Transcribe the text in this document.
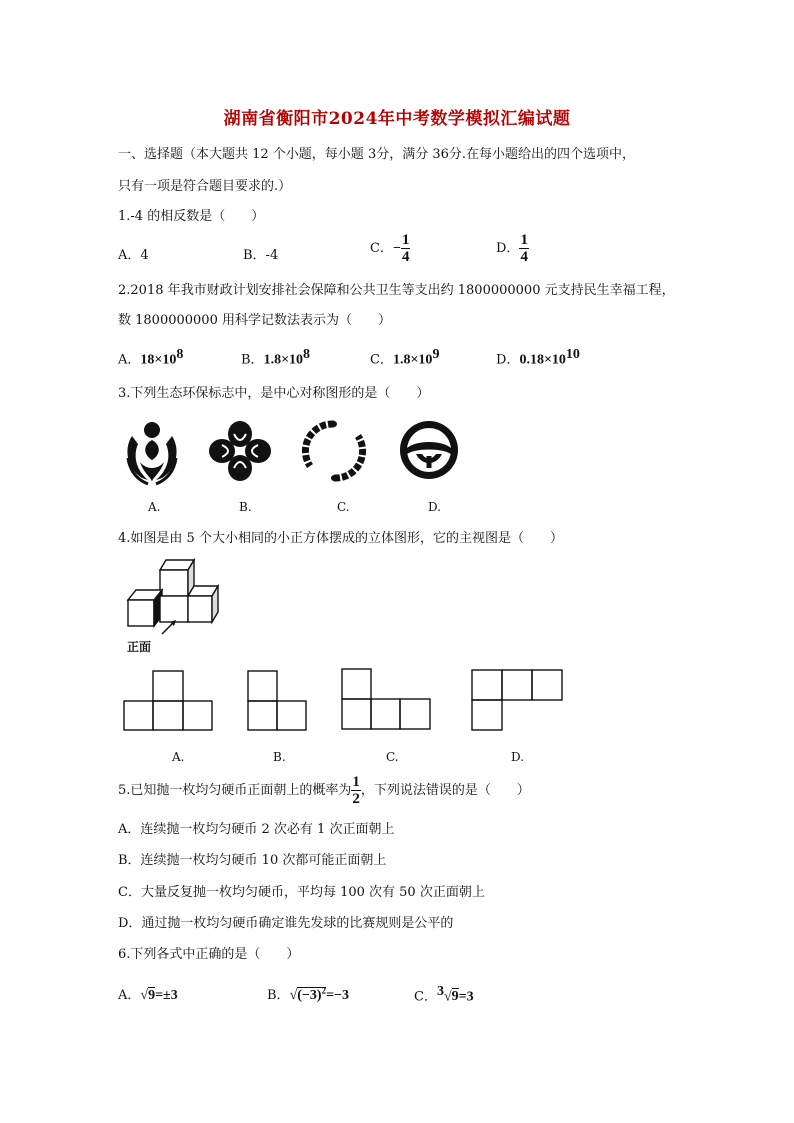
湖南省衡阳市2024年中考数学模拟汇编试题
一、选择题（本大题共 12 个小题，每小题 3分，满分 36分.在每小题给出的四个选项中，
只有一项是符合题目要求的.）
1.-4 的相反数是（　　）
A．4	B．-4	C．− $\frac{1}{4}$	D． $\frac{1}{4}$
2.2018 年我市财政计划安排社会保障和公共卫生等支出约 1800000000 元支持民生幸福工程，
数 1800000000 用科学记数法表示为（　　）
A．$18\times 10^8$	B．$1.8\times 10^8$	C．$1.8\times 10^9$	D．$0.18\times 10^{10}$
3.下列生态环保标志中，是中心对称图形的是（　　）
A.	B.	C.	D.
4.如图是由 5 个大小相同的小正方体摆成的立体图形，它的主视图是（　　）
正面
A.	B.	C.	D.
5.已知抛一枚均匀硬币正面朝上的概率为 $\frac{1}{2}$ ，下列说法错误的是（　　）
A．连续抛一枚均匀硬币 2 次必有 1 次正面朝上
B．连续抛一枚均匀硬币 10 次都可能正面朝上
C．大量反复抛一枚均匀硬币，平均每 100 次有 50 次正面朝上
D．通过抛一枚均匀硬币确定谁先发球的比赛规则是公平的
6.下列各式中正确的是（　　）
A．√9=±3	B．$√(-3)^2=-3$	C．$^3$√9=3
